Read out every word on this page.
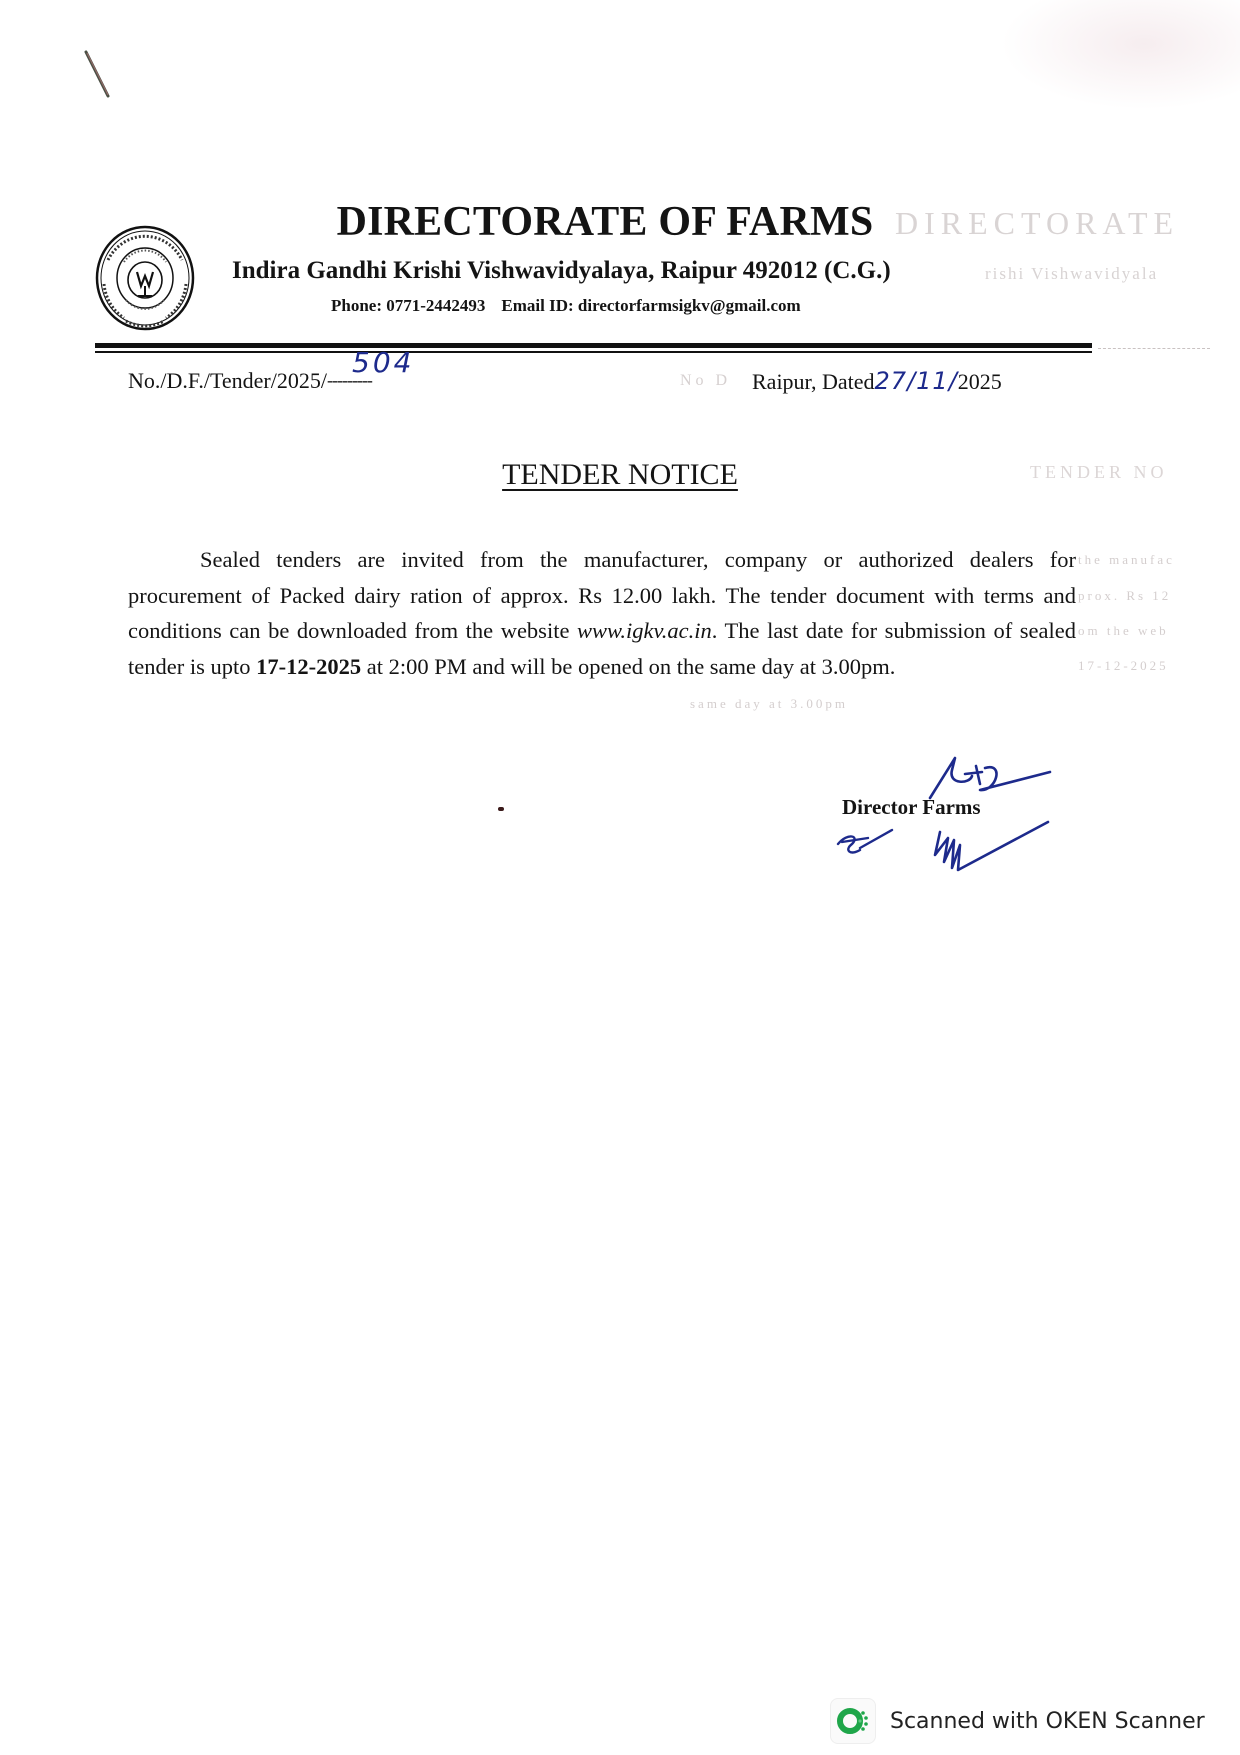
DIRECTORATE OF FARMS DIRECTORATE
Indira Gandhi Krishi Vishwavidyalaya, Raipur 492012 (C.G.)	rishi Vishwavidyala
Phone: 0771-2442493 Email ID: directorfarmsigkv@gmail.com
No./D.F./Tender/2025/---------
504
No D Raipur, Dated27/11/2025
TENDER NOTICE	TENDER NO
Sealed tenders are invited from the manufacturer, company or authorized dealers for procurement of Packed dairy ration of approx. Rs 12.00 lakh. The tender document with terms and conditions can be downloaded from the website www.igkv.ac.in. The last date for submission of sealed tender is upto 17-12-2025 at 2:00 PM and will be opened on the same day at 3.00pm.
the manufac
prox. Rs 12
om the web
17-12-2025
same day at 3.00pm
Director Farms
Scanned with OKEN Scanner
